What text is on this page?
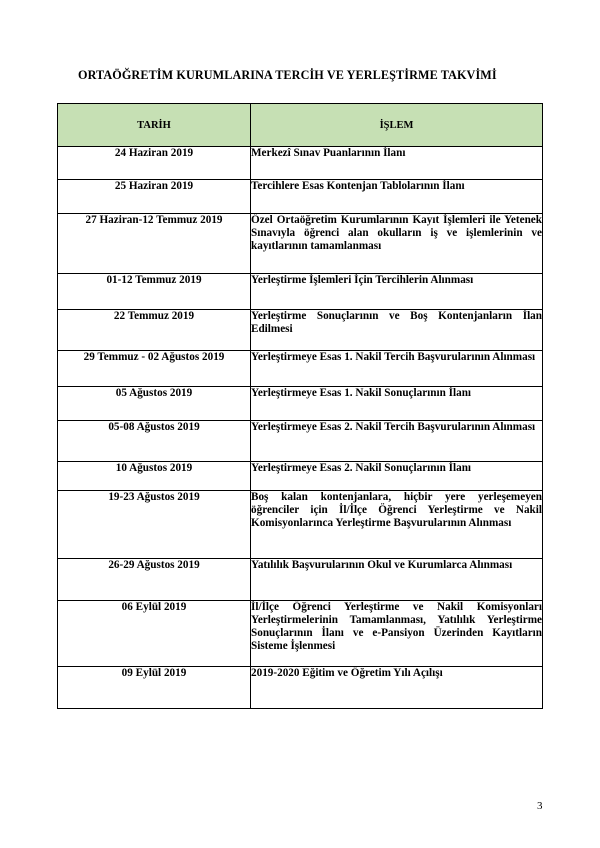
ORTAÖĞRETİM KURUMLARINA TERCİH VE YERLEŞTİRME TAKVİMİ
TARİH	İŞLEM
24 Haziran 2019	Merkezî Sınav Puanlarının İlanı
25 Haziran 2019	Tercihlere Esas Kontenjan Tablolarının İlanı
27 Haziran-12 Temmuz 2019	Özel Ortaöğretim Kurumlarının Kayıt İşlemleri ile Yetenek Sınavıyla öğrenci alan okulların iş ve işlemlerinin ve kayıtlarının tamamlanması
01-12 Temmuz 2019	Yerleştirme İşlemleri İçin Tercihlerin Alınması
22 Temmuz 2019	Yerleştirme Sonuçlarının ve Boş Kontenjanların İlan Edilmesi
29 Temmuz - 02 Ağustos 2019	Yerleştirmeye Esas 1. Nakil Tercih Başvurularının Alınması
05 Ağustos 2019	Yerleştirmeye Esas 1. Nakil Sonuçlarının İlanı
05-08 Ağustos 2019	Yerleştirmeye Esas 2. Nakil Tercih Başvurularının Alınması
10 Ağustos 2019	Yerleştirmeye Esas 2. Nakil Sonuçlarının İlanı
19-23 Ağustos 2019	Boş kalan kontenjanlara, hiçbir yere yerleşemeyen öğrenciler için İl/İlçe Öğrenci Yerleştirme ve Nakil Komisyonlarınca Yerleştirme Başvurularının Alınması
26-29 Ağustos 2019	Yatılılık Başvurularının Okul ve Kurumlarca Alınması
06 Eylül 2019	İl/İlçe Öğrenci Yerleştirme ve Nakil Komisyonları Yerleştirmelerinin Tamamlanması, Yatılılık Yerleştirme Sonuçlarının İlanı ve e-Pansiyon Üzerinden Kayıtların Sisteme İşlenmesi
09 Eylül 2019	2019-2020 Eğitim ve Öğretim Yılı Açılışı
3
